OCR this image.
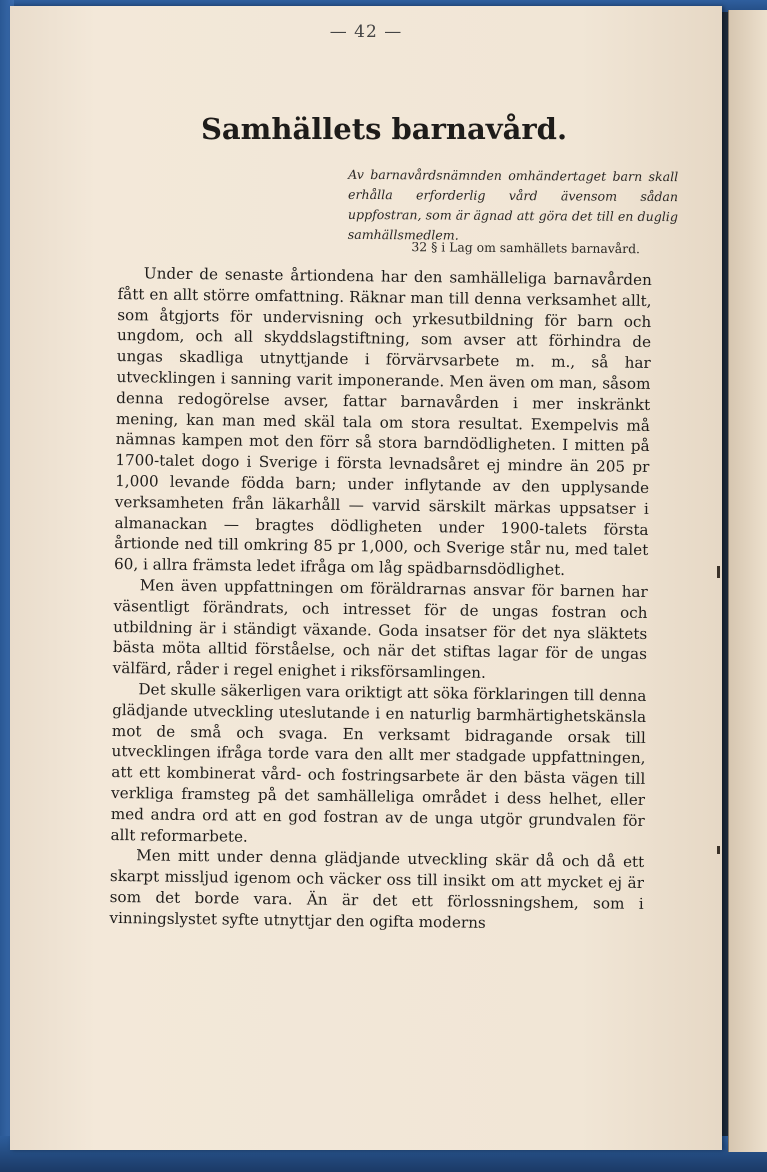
— 42 —
Samhällets barnavård.

Av barnavårdsnämnden omhändertaget barn skall erhålla erforderlig vård ävensom sådan uppfostran, som är ägnad att göra det till en duglig samhällsmedlem.

32 § i Lag om samhällets barnavård.

Under de senaste årtiondena har den samhälleliga barnavården fått en allt större omfattning. Räknar man till denna verksamhet allt, som åtgjorts för undervisning och yrkesutbildning för barn och ungdom, och all skyddslagstiftning, som avser att förhindra de ungas skadliga utnyttjande i förvärvsarbete m. m., så har utvecklingen i sanning varit imponerande. Men även om man, såsom denna redogörelse avser, fattar barnavården i mer inskränkt mening, kan man med skäl tala om stora resultat. Exempelvis må nämnas kampen mot den förr så stora barndödligheten. I mitten på 1700-talet dogo i Sverige i första levnadsåret ej mindre än 205 pr 1,000 levande födda barn; under inflytande av den upplysande verksamheten från läkarhåll — varvid särskilt märkas uppsatser i almanackan — bragtes dödligheten under 1900-talets första årtionde ned till omkring 85 pr 1,000, och Sverige står nu, med talet 60, i allra främsta ledet ifråga om låg spädbarnsdödlighet.

Men även uppfattningen om föräldrarnas ansvar för barnen har väsentligt förändrats, och intresset för de ungas fostran och utbildning är i ständigt växande. Goda insatser för det nya släktets bästa möta alltid förståelse, och när det stiftas lagar för de ungas välfärd, råder i regel enighet i riksförsamlingen.

Det skulle säkerligen vara oriktigt att söka förklaringen till denna glädjande utveckling uteslutande i en naturlig barmhärtighetskänsla mot de små och svaga. En verksamt bidragande orsak till utvecklingen ifråga torde vara den allt mer stadgade uppfattningen, att ett kombinerat vård- och fostringsarbete är den bästa vägen till verkliga framsteg på det samhälleliga området i dess helhet, eller med andra ord att en god fostran av de unga utgör grundvalen för allt reformarbete.

Men mitt under denna glädjande utveckling skär då och då ett skarpt missljud igenom och väcker oss till insikt om att mycket ej är som det borde vara. Än är det ett förlossningshem, som i vinningslystet syfte utnyttjar den ogifta moderns
